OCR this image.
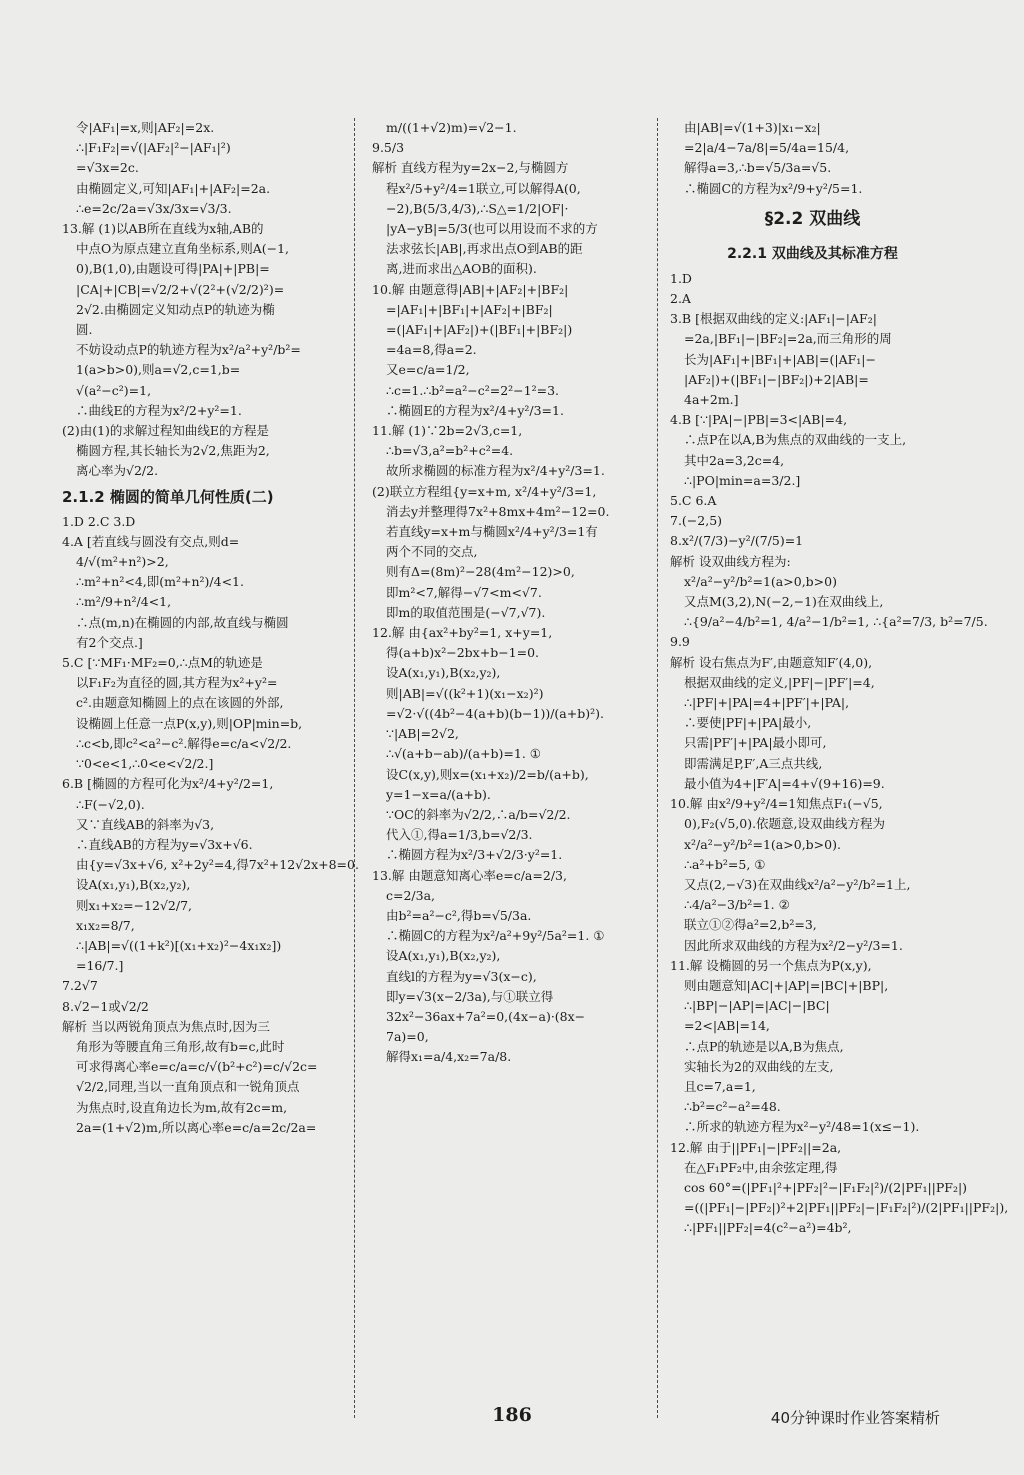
令|AF₁|=x,则|AF₂|=2x.
∴|F₁F₂|=√(|AF₂|²−|AF₁|²)
=√3x=2c.
由椭圆定义,可知|AF₁|+|AF₂|=2a.
∴e=2c/2a=√3x/3x=√3/3.
13.解 (1)以AB所在直线为x轴,AB的
中点O为原点建立直角坐标系,则A(−1,
0),B(1,0),由题设可得|PA|+|PB|=
|CA|+|CB|=√2/2+√(2²+(√2/2)²)=
2√2.由椭圆定义知动点P的轨迹为椭
圆.
不妨设动点P的轨迹方程为x²/a²+y²/b²=
1(a>b>0),则a=√2,c=1,b=
√(a²−c²)=1,
∴曲线E的方程为x²/2+y²=1.
(2)由(1)的求解过程知曲线E的方程是
椭圆方程,其长轴长为2√2,焦距为2,
离心率为√2/2.
2.1.2 椭圆的简单几何性质(二)
1.D 2.C 3.D
4.A [若直线与圆没有交点,则d=
4/√(m²+n²)>2,
∴m²+n²<4,即(m²+n²)/4<1.
∴m²/9+n²/4<1,
∴点(m,n)在椭圆的内部,故直线与椭圆
有2个交点.]
5.C [∵MF₁·MF₂=0,∴点M的轨迹是
以F₁F₂为直径的圆,其方程为x²+y²=
c².由题意知椭圆上的点在该圆的外部,
设椭圆上任意一点P(x,y),则|OP|min=b,
∴c<b,即c²<a²−c².解得e=c/a<√2/2.
∵0<e<1,∴0<e<√2/2.]
6.B [椭圆的方程可化为x²/4+y²/2=1,
∴F(−√2,0).
又∵直线AB的斜率为√3,
∴直线AB的方程为y=√3x+√6.
由{y=√3x+√6, x²+2y²=4,得7x²+12√2x+8=0.
设A(x₁,y₁),B(x₂,y₂),
则x₁+x₂=−12√2/7,
x₁x₂=8/7,
∴|AB|=√((1+k²)[(x₁+x₂)²−4x₁x₂])
=16/7.]
7.2√7
8.√2−1或√2/2
解析 当以两锐角顶点为焦点时,因为三
角形为等腰直角三角形,故有b=c,此时
可求得离心率e=c/a=c/√(b²+c²)=c/√2c=
√2/2,同理,当以一直角顶点和一锐角顶点
为焦点时,设直角边长为m,故有2c=m,
2a=(1+√2)m,所以离心率e=c/a=2c/2a=
m/((1+√2)m)=√2−1.
9.5/3
解析 直线方程为y=2x−2,与椭圆方
程x²/5+y²/4=1联立,可以解得A(0,
−2),B(5/3,4/3),∴S△=1/2|OF|·
|yA−yB|=5/3(也可以用设而不求的方
法求弦长|AB|,再求出点O到AB的距
离,进而求出△AOB的面积).
10.解 由题意得|AB|+|AF₂|+|BF₂|
=|AF₁|+|BF₁|+|AF₂|+|BF₂|
=(|AF₁|+|AF₂|)+(|BF₁|+|BF₂|)
=4a=8,得a=2.
又e=c/a=1/2,
∴c=1.∴b²=a²−c²=2²−1²=3.
∴椭圆E的方程为x²/4+y²/3=1.
11.解 (1)∵2b=2√3,c=1,
∴b=√3,a²=b²+c²=4.
故所求椭圆的标准方程为x²/4+y²/3=1.
(2)联立方程组{y=x+m, x²/4+y²/3=1,
消去y并整理得7x²+8mx+4m²−12=0.
若直线y=x+m与椭圆x²/4+y²/3=1有
两个不同的交点,
则有Δ=(8m)²−28(4m²−12)>0,
即m²<7,解得−√7<m<√7.
即m的取值范围是(−√7,√7).
12.解 由{ax²+by²=1, x+y=1,
得(a+b)x²−2bx+b−1=0.
设A(x₁,y₁),B(x₂,y₂),
则|AB|=√((k²+1)(x₁−x₂)²)
=√2·√((4b²−4(a+b)(b−1))/(a+b)²).
∵|AB|=2√2,
∴√(a+b−ab)/(a+b)=1. ①
设C(x,y),则x=(x₁+x₂)/2=b/(a+b),
y=1−x=a/(a+b).
∵OC的斜率为√2/2,∴a/b=√2/2.
代入①,得a=1/3,b=√2/3.
∴椭圆方程为x²/3+√2/3·y²=1.
13.解 由题意知离心率e=c/a=2/3,
c=2/3a,
由b²=a²−c²,得b=√5/3a.
∴椭圆C的方程为x²/a²+9y²/5a²=1. ①
设A(x₁,y₁),B(x₂,y₂),
直线l的方程为y=√3(x−c),
即y=√3(x−2/3a),与①联立得
32x²−36ax+7a²=0,(4x−a)·(8x−
7a)=0,
解得x₁=a/4,x₂=7a/8.
由|AB|=√(1+3)|x₁−x₂|
=2|a/4−7a/8|=5/4a=15/4,
解得a=3,∴b=√5/3a=√5.
∴椭圆C的方程为x²/9+y²/5=1.
§2.2 双曲线
2.2.1 双曲线及其标准方程
1.D
2.A
3.B [根据双曲线的定义:|AF₁|−|AF₂|
=2a,|BF₁|−|BF₂|=2a,而三角形的周
长为|AF₁|+|BF₁|+|AB|=(|AF₁|−
|AF₂|)+(|BF₁|−|BF₂|)+2|AB|=
4a+2m.]
4.B [∵|PA|−|PB|=3<|AB|=4,
∴点P在以A,B为焦点的双曲线的一支上,
其中2a=3,2c=4,
∴|PO|min=a=3/2.]
5.C 6.A
7.(−2,5)
8.x²/(7/3)−y²/(7/5)=1
解析 设双曲线方程为:
x²/a²−y²/b²=1(a>0,b>0)
又点M(3,2),N(−2,−1)在双曲线上,
∴{9/a²−4/b²=1, 4/a²−1/b²=1, ∴{a²=7/3, b²=7/5.
9.9
解析 设右焦点为F′,由题意知F′(4,0),
根据双曲线的定义,|PF|−|PF′|=4,
∴|PF|+|PA|=4+|PF′|+|PA|,
∴要使|PF|+|PA|最小,
只需|PF′|+|PA|最小即可,
即需满足P,F′,A三点共线,
最小值为4+|F′A|=4+√(9+16)=9.
10.解 由x²/9+y²/4=1知焦点F₁(−√5,
0),F₂(√5,0).依题意,设双曲线方程为
x²/a²−y²/b²=1(a>0,b>0).
∴a²+b²=5, ①
又点(2,−√3)在双曲线x²/a²−y²/b²=1上,
∴4/a²−3/b²=1. ②
联立①②得a²=2,b²=3,
因此所求双曲线的方程为x²/2−y²/3=1.
11.解 设椭圆的另一个焦点为P(x,y),
则由题意知|AC|+|AP|=|BC|+|BP|,
∴|BP|−|AP|=|AC|−|BC|
=2<|AB|=14,
∴点P的轨迹是以A,B为焦点,
实轴长为2的双曲线的左支,
且c=7,a=1,
∴b²=c²−a²=48.
∴所求的轨迹方程为x²−y²/48=1(x≤−1).
12.解 由于||PF₁|−|PF₂||=2a,
在△F₁PF₂中,由余弦定理,得
cos 60°=(|PF₁|²+|PF₂|²−|F₁F₂|²)/(2|PF₁||PF₂|)
=((|PF₁|−|PF₂|)²+2|PF₁||PF₂|−|F₁F₂|²)/(2|PF₁||PF₂|),
∴|PF₁||PF₂|=4(c²−a²)=4b²,
186	40分钟课时作业答案精析
